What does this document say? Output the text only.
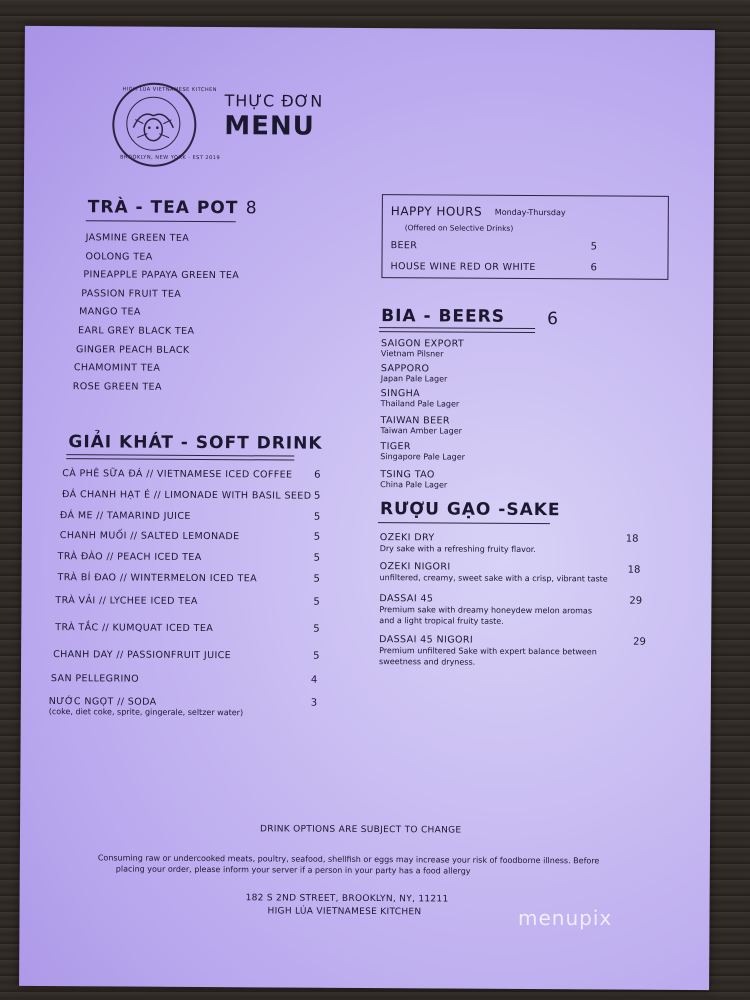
HIGH LÚA VIETNAMESE KITCHEN
BROOKLYN, NEW YORK · EST 2019
THỰC ĐƠN
MENU
TRÀ - TEA POT 8
JASMINE GREEN TEA
OOLONG TEA
PINEAPPLE PAPAYA GREEN TEA
PASSION FRUIT TEA
MANGO TEA
EARL GREY BLACK TEA
GINGER PEACH BLACK
CHAMOMINT TEA
ROSE GREEN TEA
GIẢI KHÁT - SOFT DRINK
CÀ PHÊ SỮA ĐÁ // VIETNAMESE ICED COFFEE 6
ĐÁ CHANH HẠT É // LIMONADE WITH BASIL SEED 5
ĐÁ ME // TAMARIND JUICE	5
CHANH MUỐI // SALTED LEMONADE	5
TRÀ ĐÀO // PEACH ICED TEA	5
TRÀ BÍ ĐAO // WINTERMELON ICED TEA	5
TRÀ VẢI // LYCHEE ICED TEA	5
TRÀ TẮC // KUMQUAT ICED TEA	5
CHANH DAY // PASSIONFRUIT JUICE	5
SAN PELLEGRINO	4
NƯỚC NGỌT // SODA	3
(coke, diet coke, sprite, gingerale, seltzer water)
HAPPY HOURS Monday-Thursday
(Offered on Selective Drinks)
BEER	5
HOUSE WINE RED OR WHITE	6
BIA - BEERS 6
SAIGON EXPORT
Vietnam Pilsner
SAPPORO
Japan Pale Lager
SINGHA
Thailand Pale Lager
TAIWAN BEER
Taiwan Amber Lager
TIGER
Singapore Pale Lager
TSING TAO
China Pale Lager
RƯỢU GẠO -SAKE
OZEKI DRY	18
Dry sake with a refreshing fruity flavor.
OZEKI NIGORI	18
unfiltered, creamy, sweet sake with a crisp, vibrant taste
DASSAI 45	29
Premium sake with dreamy honeydew melon aromas
and a light tropical fruity taste.
DASSAI 45 NIGORI	29
Premium unfiltered Sake with expert balance between
sweetness and dryness.
DRINK OPTIONS ARE SUBJECT TO CHANGE
Consuming raw or undercooked meats, poultry, seafood, shellfish or eggs may increase your risk of foodborne illness. Before
placing your order, please inform your server if a person in your party has a food allergy
182 S 2ND STREET, BROOKLYN, NY, 11211
HIGH LÚA VIETNAMESE KITCHEN	menupix
